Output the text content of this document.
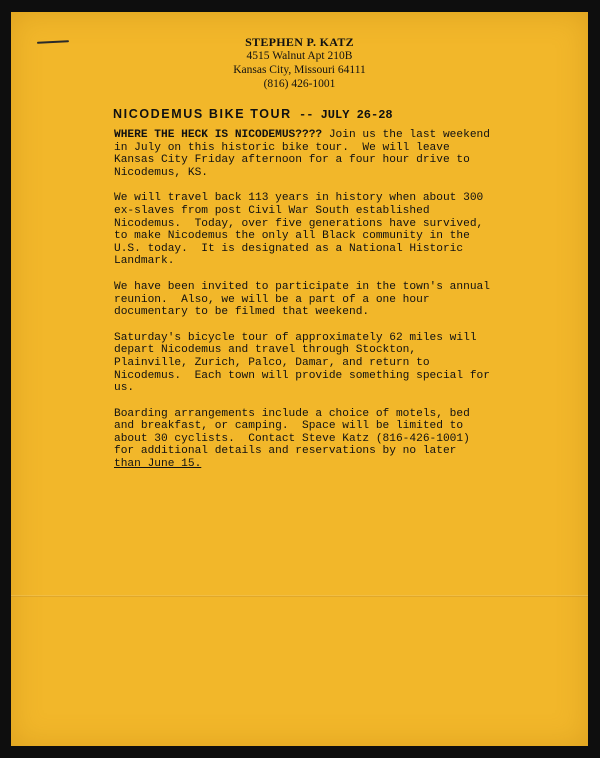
STEPHEN P. KATZ
4515 Walnut Apt 210B
Kansas City, Missouri 64111
(816) 426-1001
NICODEMUS BIKE TOUR -- JULY 26-28
WHERE THE HECK IS NICODEMUS???? Join us the last weekend
in July on this historic bike tour.  We will leave
Kansas City Friday afternoon for a four hour drive to
Nicodemus, KS.
We will travel back 113 years in history when about 300
ex-slaves from post Civil War South established
Nicodemus.  Today, over five generations have survived,
to make Nicodemus the only all Black community in the
U.S. today.  It is designated as a National Historic
Landmark.
We have been invited to participate in the town's annual
reunion.  Also, we will be a part of a one hour
documentary to be filmed that weekend.
Saturday's bicycle tour of approximately 62 miles will
depart Nicodemus and travel through Stockton,
Plainville, Zurich, Palco, Damar, and return to
Nicodemus.  Each town will provide something special for
us.
Boarding arrangements include a choice of motels, bed
and breakfast, or camping.  Space will be limited to
about 30 cyclists.  Contact Steve Katz (816-426-1001)
for additional details and reservations by no later
than June 15.
